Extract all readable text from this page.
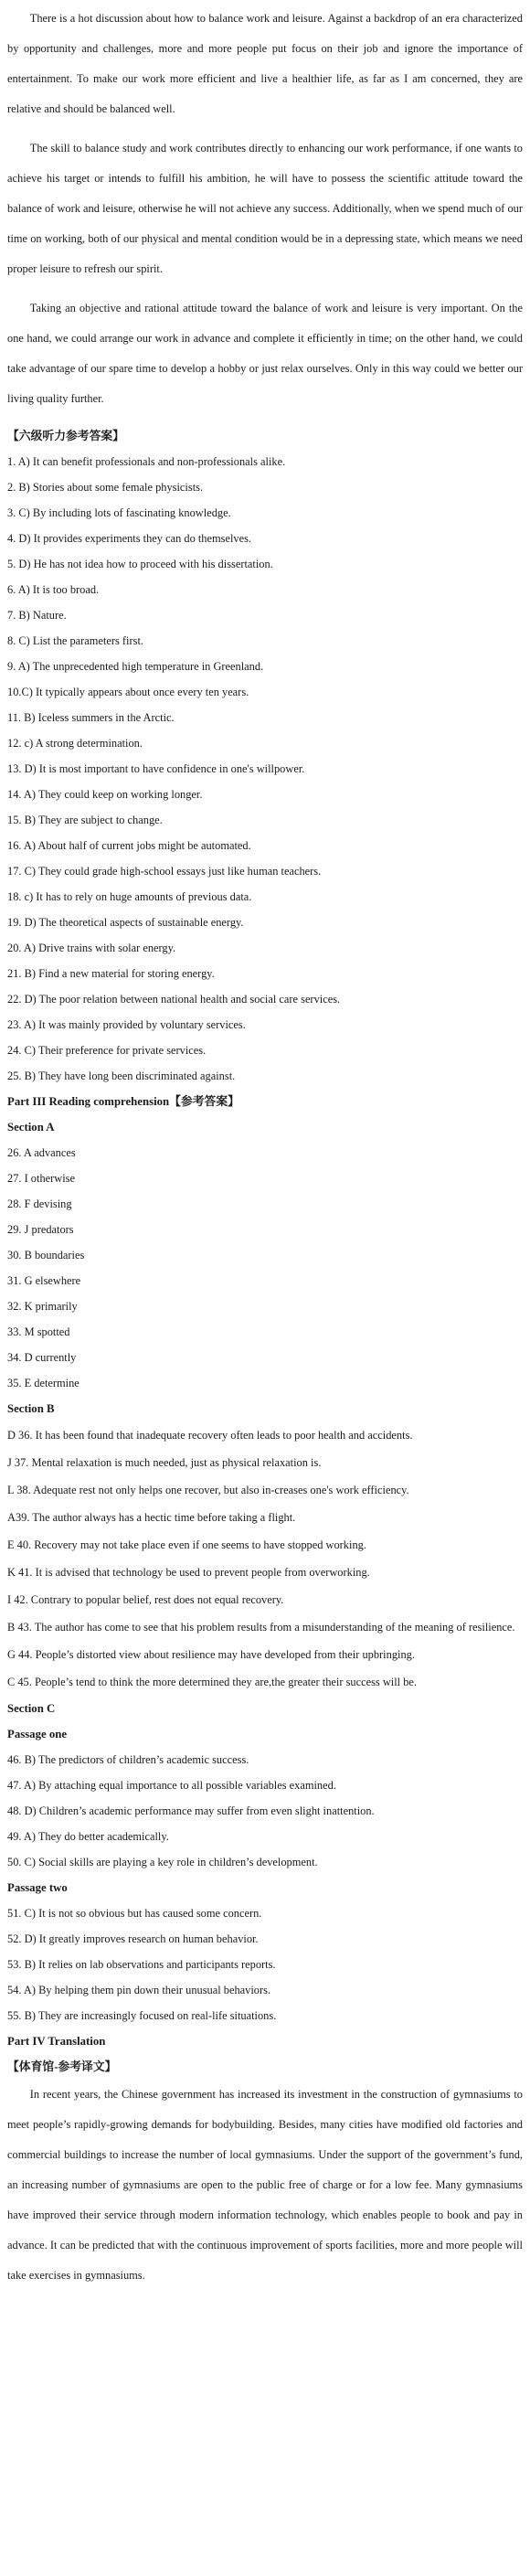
There is a hot discussion about how to balance work and leisure. Against a backdrop of an era characterized by opportunity and challenges, more and more people put focus on their job and ignore the importance of entertainment. To make our work more efficient and live a healthier life, as far as I am concerned, they are relative and should be balanced well.

The skill to balance study and work contributes directly to enhancing our work performance, if one wants to achieve his target or intends to fulfill his ambition, he will have to possess the scientific attitude toward the balance of work and leisure, otherwise he will not achieve any success. Additionally, when we spend much of our time on working, both of our physical and mental condition would be in a depressing state, which means we need proper leisure to refresh our spirit.

Taking an objective and rational attitude toward the balance of work and leisure is very important. On the one hand, we could arrange our work in advance and complete it efficiently in time; on the other hand, we could take advantage of our spare time to develop a hobby or just relax ourselves. Only in this way could we better our living quality further.

【六级听力参考答案】

1. A) It can benefit professionals and non-professionals alike.

2. B) Stories about some female physicists.

3. C) By including lots of fascinating knowledge.

4. D) It provides experiments they can do themselves.

5. D) He has not idea how to proceed with his dissertation.

6. A) It is too broad.

7. B) Nature.

8. C) List the parameters first.

9. A) The unprecedented high temperature in Greenland.

10.C) It typically appears about once every ten years.

11. B) Iceless summers in the Arctic.

12. c) A strong determination.

13. D) It is most important to have confidence in one's willpower.

14. A) They could keep on working longer.

15. B) They are subject to change.

16. A) About half of current jobs might be automated.

17. C) They could grade high-school essays just like human teachers.

18. c) It has to rely on huge amounts of previous data.

19. D) The theoretical aspects of sustainable energy.

20. A) Drive trains with solar energy.

21. B) Find a new material for storing energy.

22. D) The poor relation between national health and social care services.

23. A) It was mainly provided by voluntary services.

24. C) Their preference for private services.

25. B) They have long been discriminated against.

Part III Reading comprehension【参考答案】

Section A

26. A advances

27. I otherwise

28. F devising

29. J predators

30. B boundaries

31. G elsewhere

32. K primarily

33. M spotted

34. D currently

35. E determine

Section B

D 36. It has been found that inadequate recovery often leads to poor health and accidents.

J 37. Mental relaxation is much needed, just as physical relaxation is.

L 38. Adequate rest not only helps one recover, but also in-creases one's work efficiency.

A39. The author always has a hectic time before taking a flight.

E 40. Recovery may not take place even if one seems to have stopped working.

K 41. It is advised that technology be used to prevent people from overworking.

I 42. Contrary to popular belief, rest does not equal recovery.

B 43. The author has come to see that his problem results from a misunderstanding of the meaning of resilience.

G 44. People’s distorted view about resilience may have developed from their upbringing.

C 45. People’s tend to think the more determined they are,the greater their success will be.

Section C

Passage one

46. B) The predictors of children’s academic success.

47. A) By attaching equal importance to all possible variables examined.

48. D) Children’s academic performance may suffer from even slight inattention.

49. A) They do better academically.

50. C) Social skills are playing a key role in children’s development.

Passage two

51. C) It is not so obvious but has caused some concern.

52. D) It greatly improves research on human behavior.

53. B) It relies on lab observations and participants reports.

54. A) By helping them pin down their unusual behaviors.

55. B) They are increasingly focused on real-life situations.

Part IV Translation

【体育馆-参考译文】

In recent years, the Chinese government has increased its investment in the construction of gymnasiums to meet people’s rapidly-growing demands for bodybuilding. Besides, many cities have modified old factories and commercial buildings to increase the number of local gymnasiums. Under the support of the government’s fund, an increasing number of gymnasiums are open to the public free of charge or for a low fee. Many gymnasiums have improved their service through modern information technology, which enables people to book and pay in advance. It can be predicted that with the continuous improvement of sports facilities, more and more people will take exercises in gymnasiums.
